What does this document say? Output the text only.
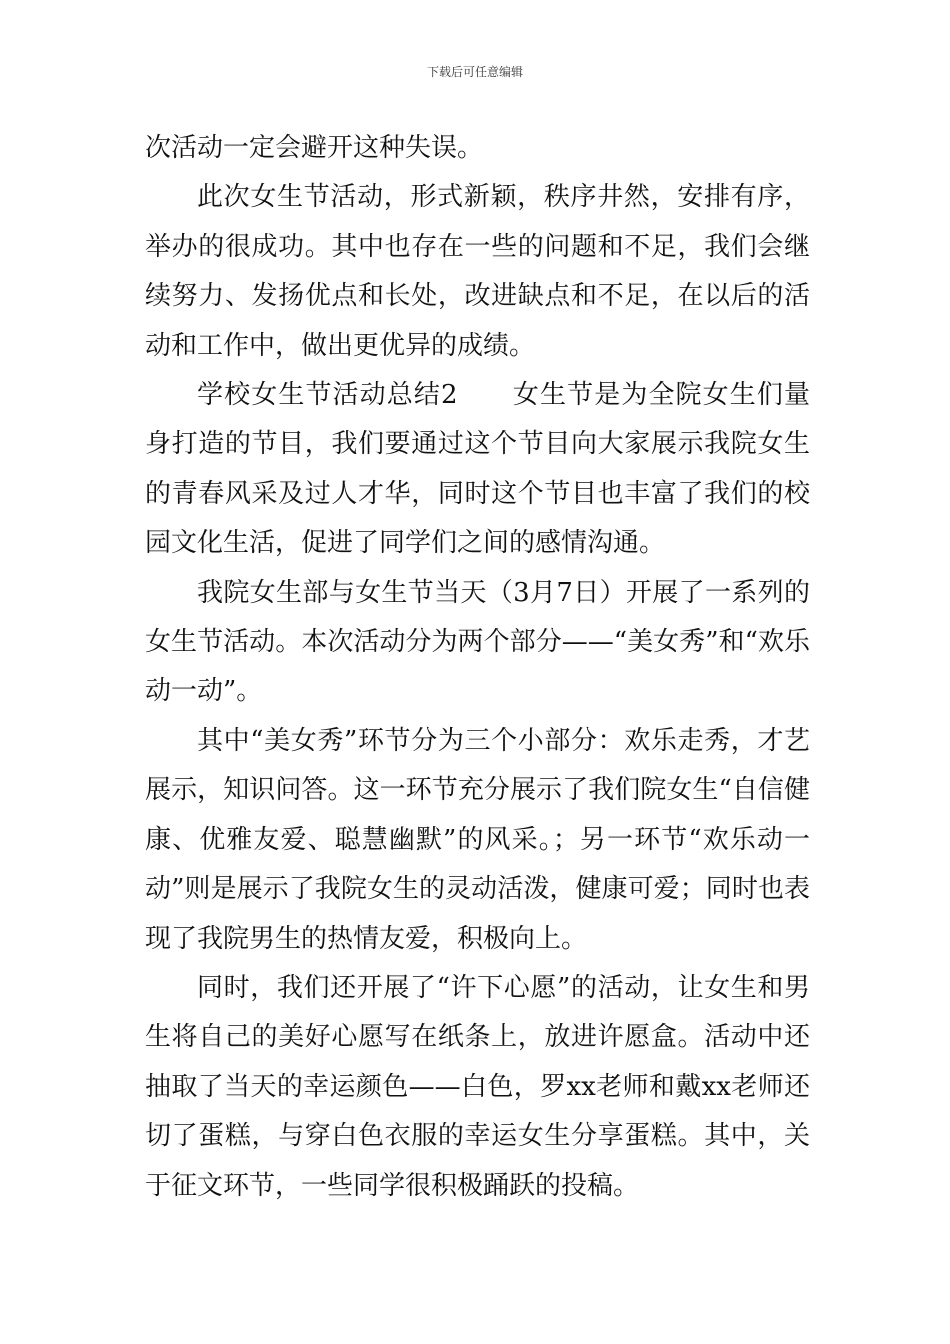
下载后可任意编辑

次活动一定会避开这种失误。

此次女生节活动，形式新颖，秩序井然，安排有序，举办的很成功。其中也存在一些的问题和不足，我们会继续努力、发扬优点和长处，改进缺点和不足，在以后的活动和工作中，做出更优异的成绩。

学校女生节活动总结2　　女生节是为全院女生们量身打造的节目，我们要通过这个节目向大家展示我院女生的青春风采及过人才华，同时这个节目也丰富了我们的校园文化生活，促进了同学们之间的感情沟通。

我院女生部与女生节当天（3月7日）开展了一系列的女生节活动。本次活动分为两个部分——“美女秀”和“欢乐动一动”。

其中“美女秀”环节分为三个小部分：欢乐走秀，才艺展示，知识问答。这一环节充分展示了我们院女生“自信健康、优雅友爱、聪慧幽默”的风采。；另一环节“欢乐动一动”则是展示了我院女生的灵动活泼，健康可爱；同时也表现了我院男生的热情友爱，积极向上。

同时，我们还开展了“许下心愿”的活动，让女生和男生将自己的美好心愿写在纸条上，放进许愿盒。活动中还抽取了当天的幸运颜色——白色，罗xx老师和戴xx老师还切了蛋糕，与穿白色衣服的幸运女生分享蛋糕。其中，关于征文环节，一些同学很积极踊跃的投稿。
